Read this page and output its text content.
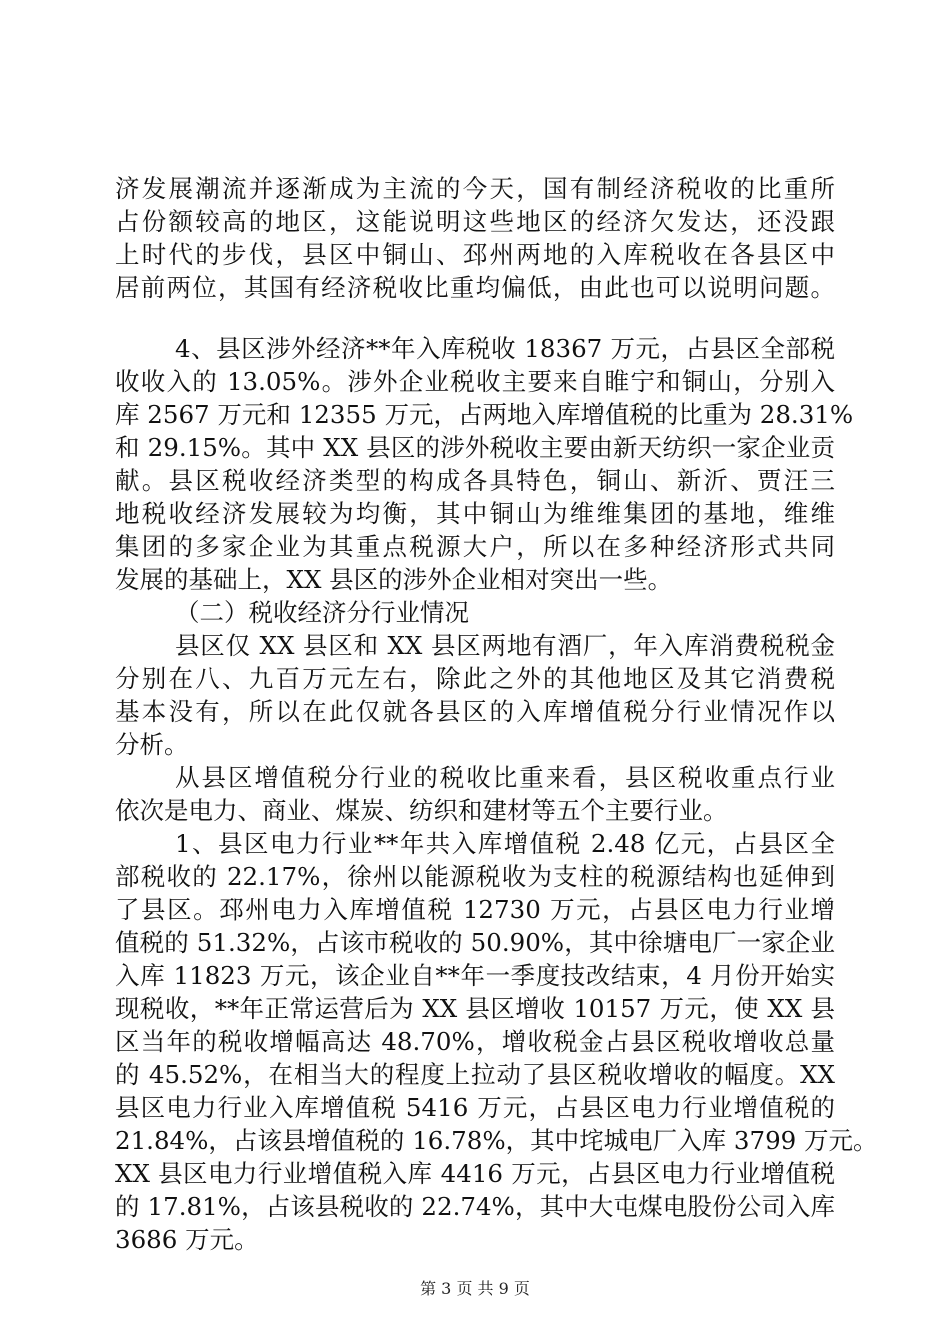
济发展潮流并逐渐成为主流的今天，国有制经济税收的比重所
占份额较高的地区，这能说明这些地区的经济欠发达，还没跟
上时代的步伐，县区中铜山、邳州两地的入库税收在各县区中
居前两位，其国有经济税收比重均偏低，由此也可以说明问题。
4、县区涉外经济**年入库税收 18367 万元，占县区全部税
收收入的 13.05%。涉外企业税收主要来自睢宁和铜山，分别入
库 2567 万元和 12355 万元，占两地入库增值税的比重为 28.31%
和 29.15%。其中 XX 县区的涉外税收主要由新天纺织一家企业贡
献。县区税收经济类型的构成各具特色，铜山、新沂、贾汪三
地税收经济发展较为均衡，其中铜山为维维集团的基地，维维
集团的多家企业为其重点税源大户，所以在多种经济形式共同
发展的基础上，XX 县区的涉外企业相对突出一些。
（二）税收经济分行业情况
县区仅 XX 县区和 XX 县区两地有酒厂，年入库消费税税金
分别在八、九百万元左右，除此之外的其他地区及其它消费税
基本没有，所以在此仅就各县区的入库增值税分行业情况作以
分析。
从县区增值税分行业的税收比重来看，县区税收重点行业
依次是电力、商业、煤炭、纺织和建材等五个主要行业。
1、县区电力行业**年共入库增值税 2.48 亿元，占县区全
部税收的 22.17%，徐州以能源税收为支柱的税源结构也延伸到
了县区。邳州电力入库增值税 12730 万元，占县区电力行业增
值税的 51.32%，占该市税收的 50.90%，其中徐塘电厂一家企业
入库 11823 万元，该企业自**年一季度技改结束，4 月份开始实
现税收，**年正常运营后为 XX 县区增收 10157 万元，使 XX 县
区当年的税收增幅高达 48.70%，增收税金占县区税收增收总量
的 45.52%，在相当大的程度上拉动了县区税收增收的幅度。XX
县区电力行业入库增值税 5416 万元，占县区电力行业增值税的
21.84%，占该县增值税的 16.78%，其中垞城电厂入库 3799 万元。
XX 县区电力行业增值税入库 4416 万元，占县区电力行业增值税
的 17.81%，占该县税收的 22.74%，其中大屯煤电股份公司入库
3686 万元。
第 3 页 共 9 页
